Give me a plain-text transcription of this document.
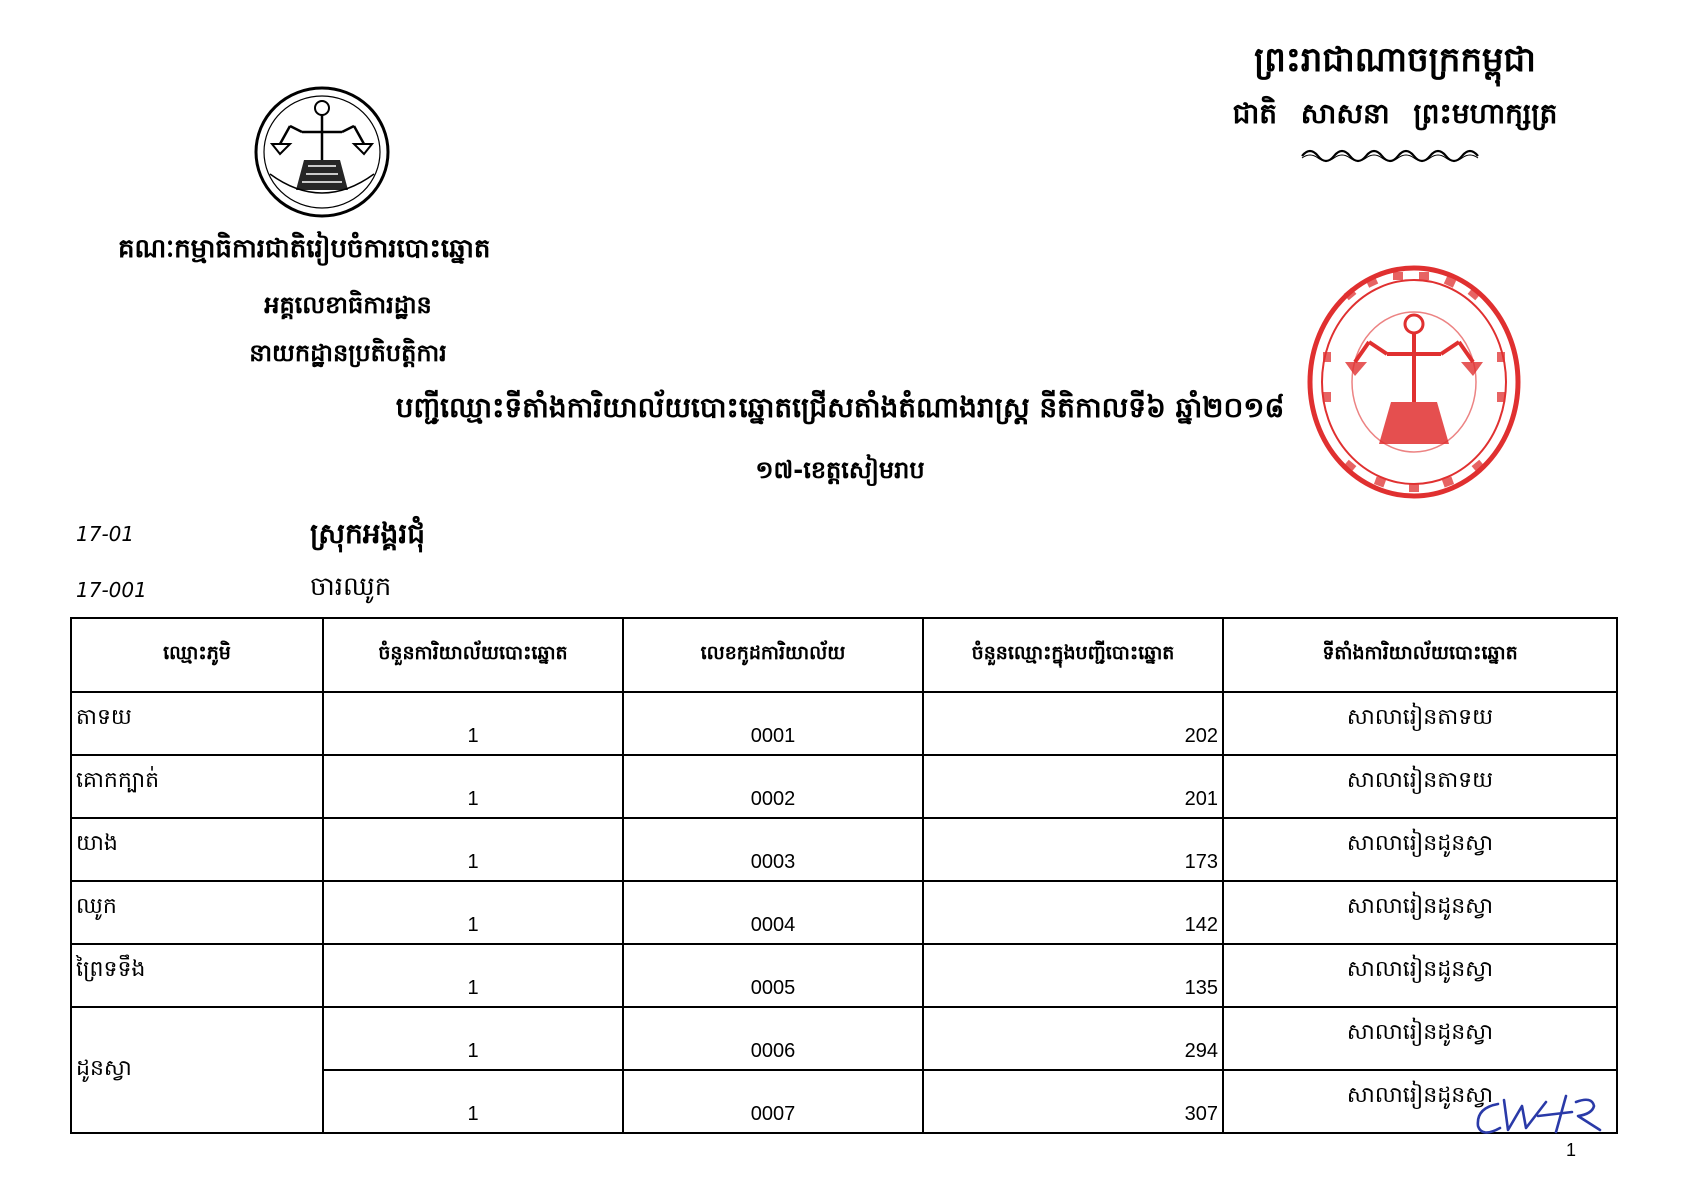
ព្រះរាជាណាចក្រកម្ពុជា
ជាតិ សាសនា ព្រះមហាក្សត្រ
គណៈកម្មាធិការជាតិរៀបចំការបោះឆ្នោត
អគ្គលេខាធិការដ្ឋាន
នាយកដ្ឋានប្រតិបត្តិការ
បញ្ជីឈ្មោះទីតាំងការិយាល័យបោះឆ្នោតជ្រើសតាំងតំណាងរាស្ត្រ នីតិកាលទី៦ ឆ្នាំ២០១៨
១៧-ខេត្តសៀមរាប
17-01	ស្រុកអង្គរជុំ
17-001	ចារឈូក
ឈ្មោះភូមិ	ចំនួនការិយាល័យបោះឆ្នោត	លេខកូដការិយាល័យ	ចំនួនឈ្មោះក្នុងបញ្ជីបោះឆ្នោត	ទីតាំងការិយាល័យបោះឆ្នោត
តាទយ	1	0001	202	សាលារៀនតាទយ
គោកក្បាត់	1	0002	201	សាលារៀនតាទយ
យាង	1	0003	173	សាលារៀនដូនស្វា
ឈូក	1	0004	142	សាលារៀនដូនស្វា
ព្រៃទទឹង	1	0005	135	សាលារៀនដូនស្វា
ដូនស្វា	1	0006	294	សាលារៀនដូនស្វា
	1	0007	307	សាលារៀនដូនស្វា
1
